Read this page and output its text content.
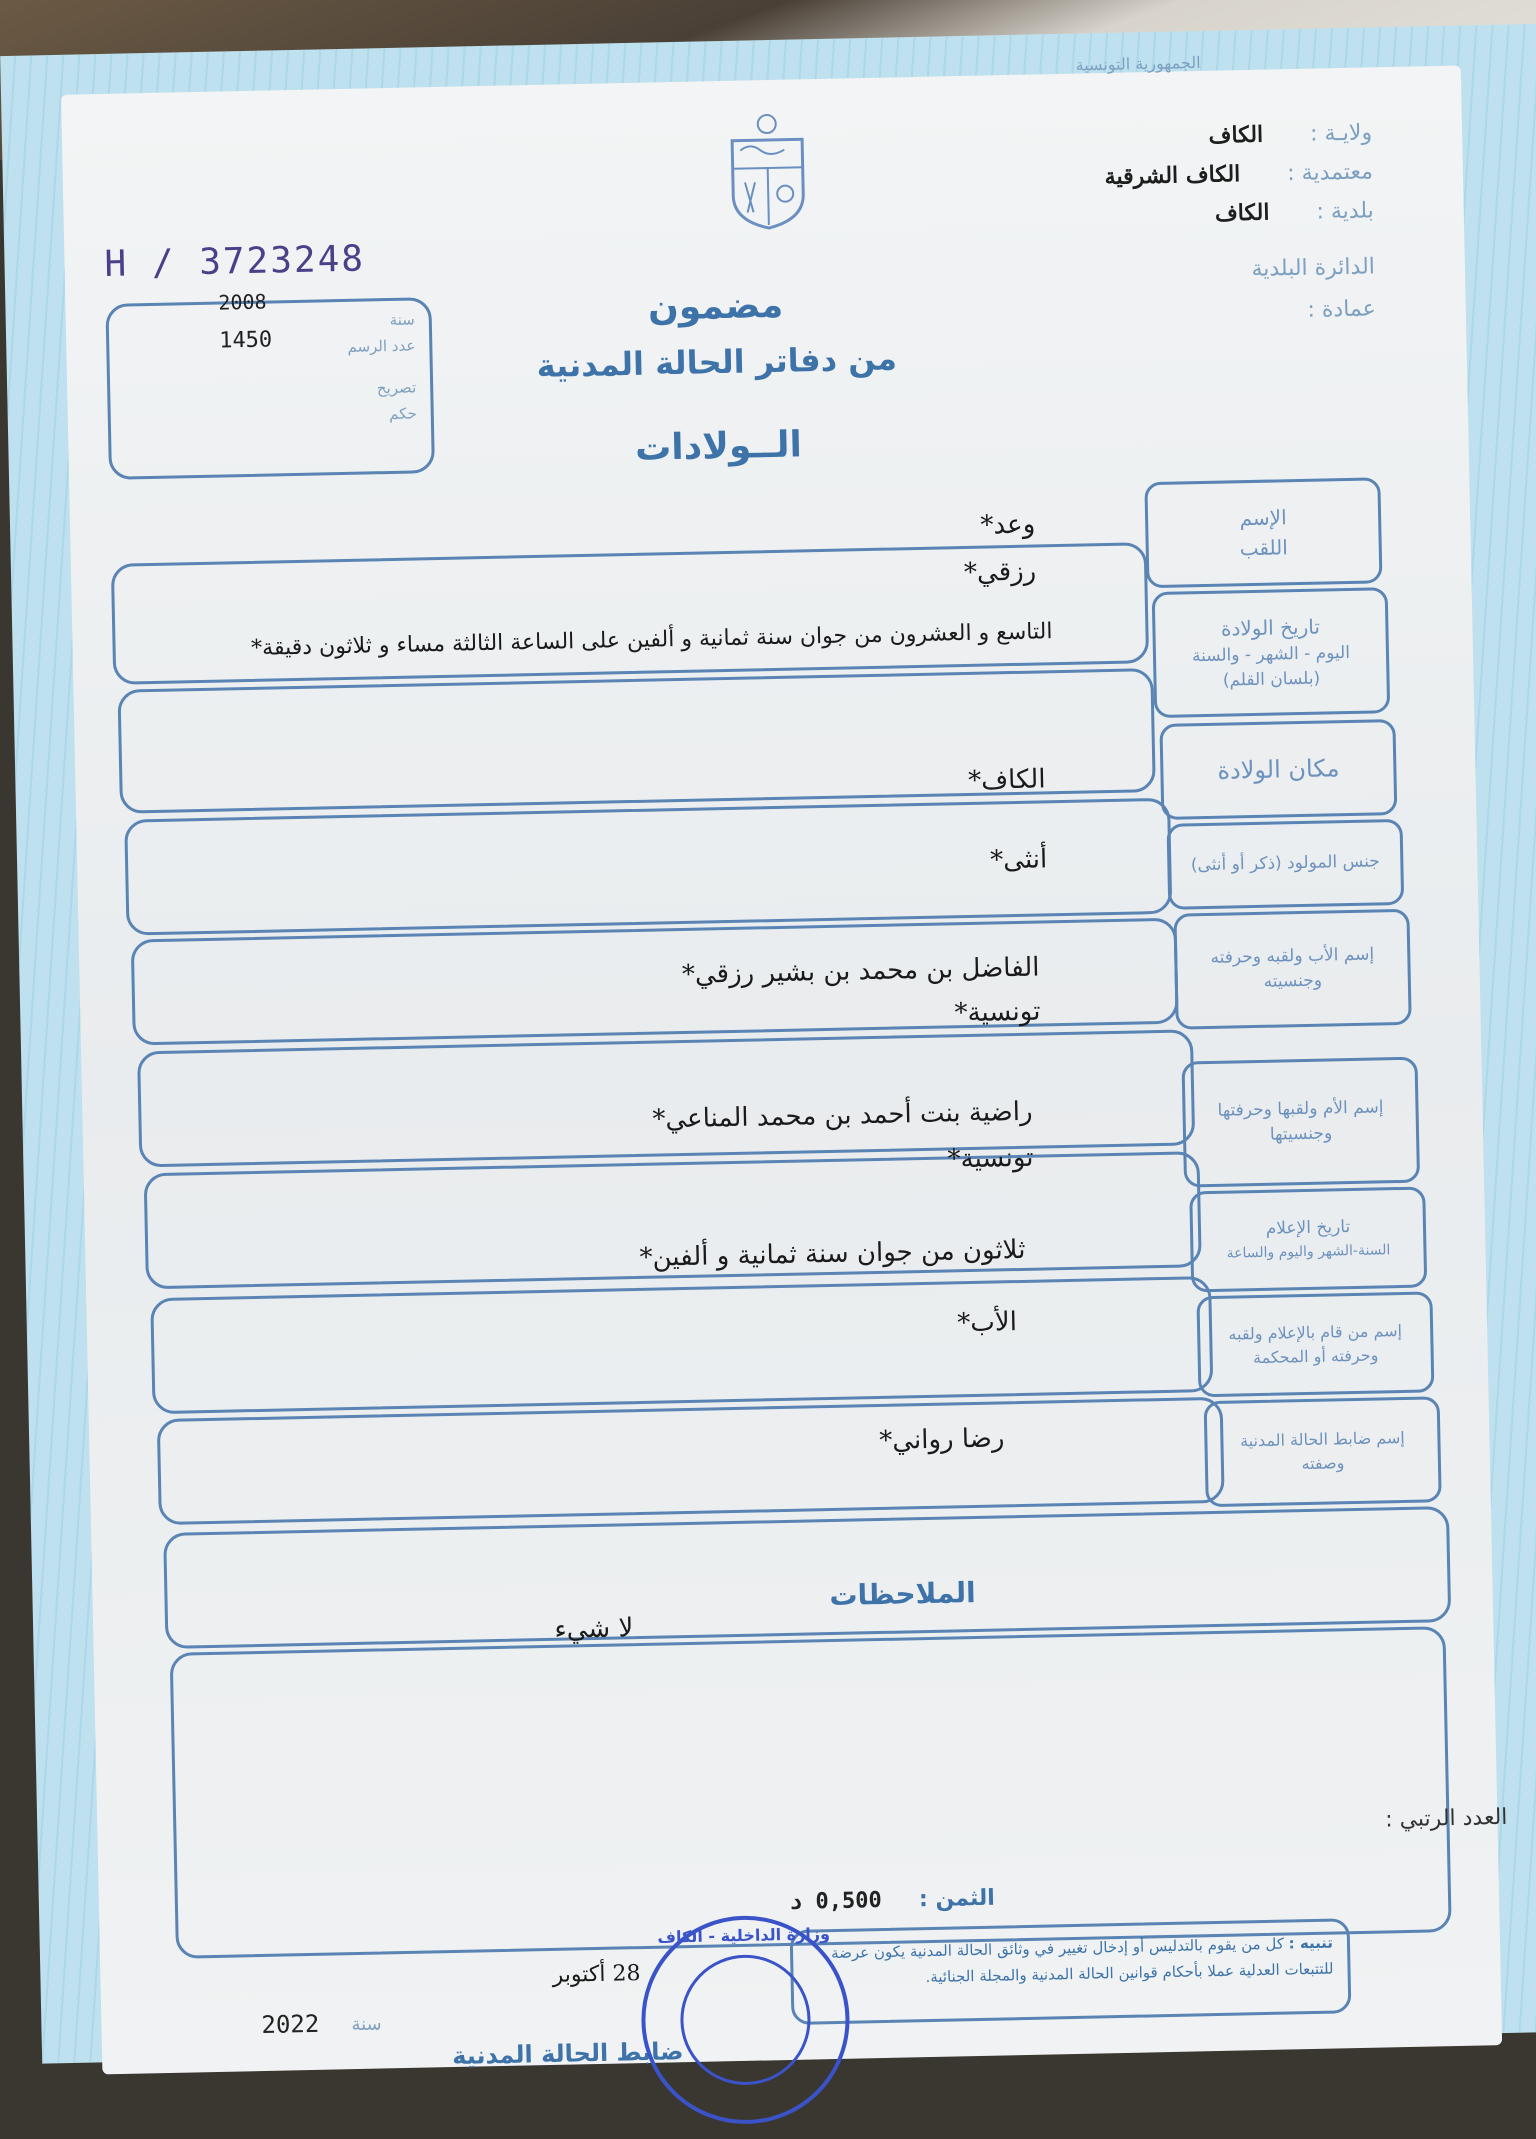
الجمهورية التونسية
ولايـة : الكاف
معتمدية : الكاف الشرقية
بلدية : الكاف
الدائرة البلدية
عمادة :
H / 3723248
2008
1450
سنة
عدد الرسم
تصريح
حكم
مضمون
من دفاتر الحالة المدنية
الــولادات
الإسم
اللقب
تاريخ الولادة
اليوم - الشهر - والسنة
(بلسان القلم)
مكان الولادة
جنس المولود (ذكر أو أنثى)
إسم الأب ولقبه وحرفته
وجنسيته
إسم الأم ولقبها وحرفتها
وجنسيتها
تاريخ الإعلام
السنة-الشهر واليوم والساعة
إسم من قام بالإعلام ولقبه
وحرفته أو المحكمة
إسم ضابط الحالة المدنية
وصفته
وعد*
رزقي*
التاسع و العشرون من جوان سنة ثمانية و ألفين على الساعة الثالثة مساء و ثلاثون دقيقة*
الكاف*
أنثى*
الفاضل بن محمد بن بشير رزقي*
تونسية*
راضية بنت أحمد بن محمد المناعي*
تونسية*
ثلاثون من جوان سنة ثمانية و ألفين*
الأب*
رضا رواني*
الملاحظات
لا شيء
العدد الرتبي :
الثمن :
0,500 د
تنبيه : كل من يقوم بالتدليس أو إدخال تغيير في وثائق الحالة المدنية يكون عرضة للتتبعات العدلية عملا بأحكام قوانين الحالة المدنية والمجلة الجنائية.
28 أكتوبر
سنة
2022
ضابط الحالة المدنية
وزارة الداخلية - الكاف
